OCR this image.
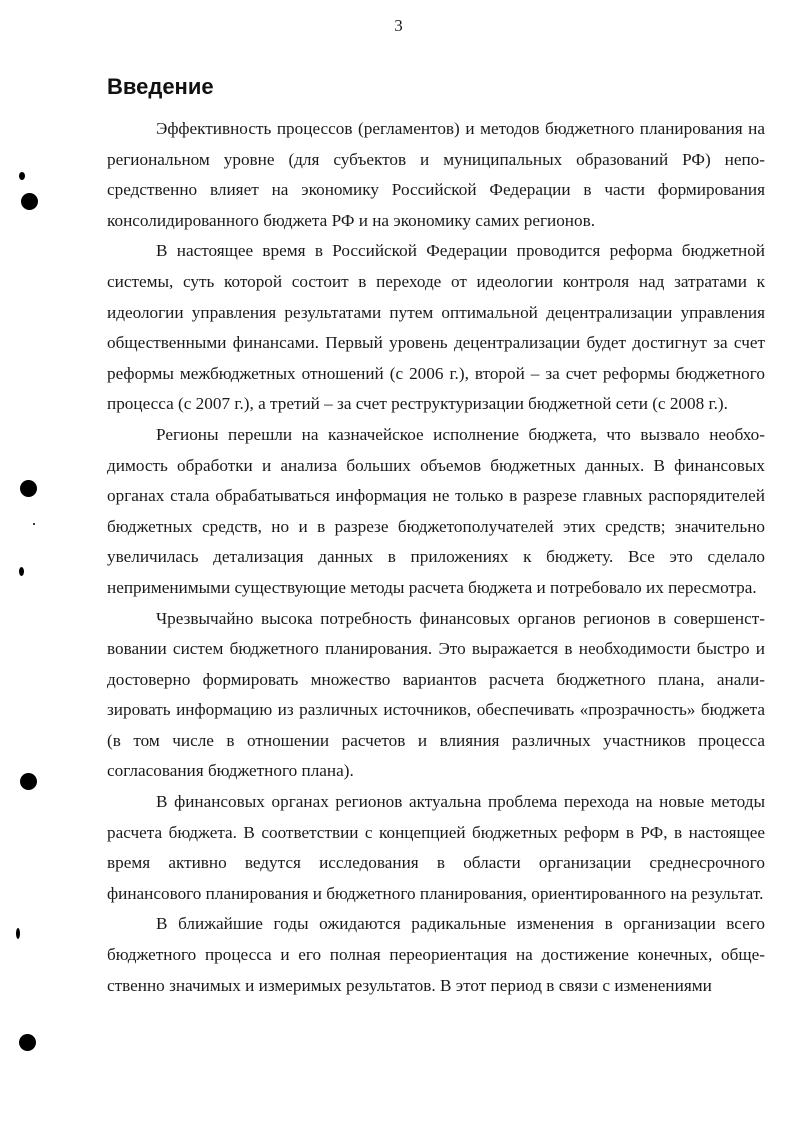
3
Введение

Эффективность процессов (регламентов) и методов бюджетного планирования на региональном уровне (для субъектов и муниципальных образований РФ) непосредственно влияет на экономику Российской Федерации в части формирования консолидированного бюджета РФ и на экономику самих регионов.

В настоящее время в Российской Федерации проводится реформа бюджетной системы, суть которой состоит в переходе от идеологии контроля над затратами к идеологии управления результатами путем оптимальной децентрализации управления общественными финансами. Первый уровень децентрализации будет достигнут за счет реформы межбюджетных отношений (с 2006 г.), второй – за счет реформы бюджетного процесса (с 2007 г.), а третий – за счет реструктуризации бюджетной сети (с 2008 г.).

Регионы перешли на казначейское исполнение бюджета, что вызвало необходимость обработки и анализа больших объемов бюджетных данных. В финансовых органах стала обрабатываться информация не только в разрезе главных распорядителей бюджетных средств, но и в разрезе бюджетополучателей этих средств; значительно увеличилась детализация данных в приложениях к бюджету. Все это сделало неприменимыми существующие методы расчета бюджета и потребовало их пересмотра.

Чрезвычайно высока потребность финансовых органов регионов в совершенствовании систем бюджетного планирования. Это выражается в необходимости быстро и достоверно формировать множество вариантов расчета бюджетного плана, анализировать информацию из различных источников, обеспечивать «прозрачность» бюджета (в том числе в отношении расчетов и влияния различных участников процесса согласования бюджетного плана).

В финансовых органах регионов актуальна проблема перехода на новые методы расчета бюджета. В соответствии с концепцией бюджетных реформ в РФ, в настоящее время активно ведутся исследования в области организации среднесрочного финансового планирования и бюджетного планирования, ориентированного на результат.

В ближайшие годы ожидаются радикальные изменения в организации всего бюджетного процесса и его полная переориентация на достижение конечных, общественно значимых и измеримых результатов. В этот период в связи с изменениями
